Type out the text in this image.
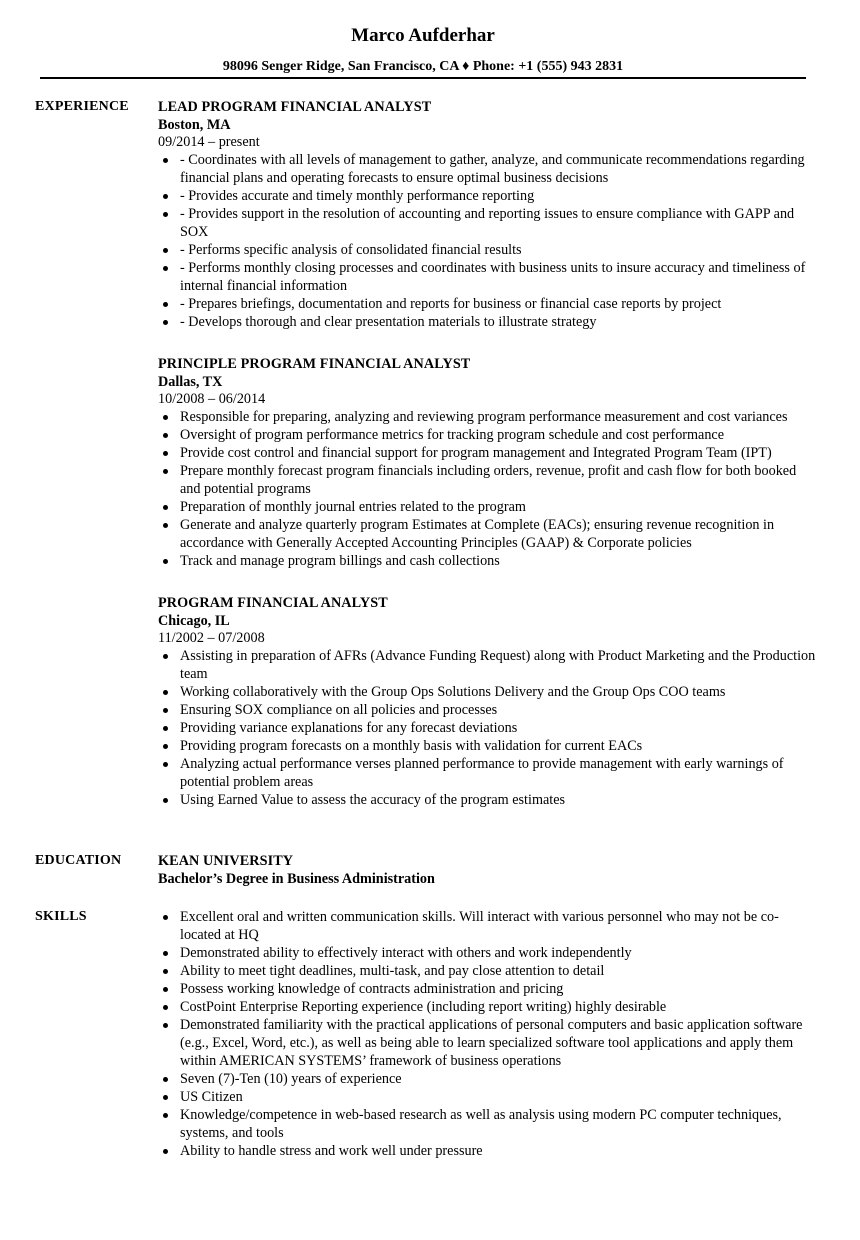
Marco Aufderhar
98096 Senger Ridge, San Francisco, CA ♦ Phone: +1 (555) 943 2831
EXPERIENCE LEAD PROGRAM FINANCIAL ANALYST
Boston, MA
09/2014 – present
- Coordinates with all levels of management to gather, analyze, and communicate recommendations regarding financial plans and operating forecasts to ensure optimal business decisions
- Provides accurate and timely monthly performance reporting
- Provides support in the resolution of accounting and reporting issues to ensure compliance with GAPP and SOX
- Performs specific analysis of consolidated financial results
- Performs monthly closing processes and coordinates with business units to insure accuracy and timeliness of internal financial information
- Prepares briefings, documentation and reports for business or financial case reports by project
- Develops thorough and clear presentation materials to illustrate strategy
PRINCIPLE PROGRAM FINANCIAL ANALYST
Dallas, TX
10/2008 – 06/2014
Responsible for preparing, analyzing and reviewing program performance measurement and cost variances
Oversight of program performance metrics for tracking program schedule and cost performance
Provide cost control and financial support for program management and Integrated Program Team (IPT)
Prepare monthly forecast program financials including orders, revenue, profit and cash flow for both booked and potential programs
Preparation of monthly journal entries related to the program
Generate and analyze quarterly program Estimates at Complete (EACs); ensuring revenue recognition in accordance with Generally Accepted Accounting Principles (GAAP) & Corporate policies
Track and manage program billings and cash collections
PROGRAM FINANCIAL ANALYST
Chicago, IL
11/2002 – 07/2008
Assisting in preparation of AFRs (Advance Funding Request) along with Product Marketing and the Production team
Working collaboratively with the Group Ops Solutions Delivery and the Group Ops COO teams
Ensuring SOX compliance on all policies and processes
Providing variance explanations for any forecast deviations
Providing program forecasts on a monthly basis with validation for current EACs
Analyzing actual performance verses planned performance to provide management with early warnings of potential problem areas
Using Earned Value to assess the accuracy of the program estimates
EDUCATION	KEAN UNIVERSITY
Bachelor’s Degree in Business Administration
SKILLS	Excellent oral and written communication skills. Will interact with various personnel who may not be co-located at HQ
Demonstrated ability to effectively interact with others and work independently
Ability to meet tight deadlines, multi-task, and pay close attention to detail
Possess working knowledge of contracts administration and pricing
CostPoint Enterprise Reporting experience (including report writing) highly desirable
Demonstrated familiarity with the practical applications of personal computers and basic application software (e.g., Excel, Word, etc.), as well as being able to learn specialized software tool applications and apply them within AMERICAN SYSTEMS’ framework of business operations
Seven (7)-Ten (10) years of experience
US Citizen
Knowledge/competence in web-based research as well as analysis using modern PC computer techniques, systems, and tools
Ability to handle stress and work well under pressure
